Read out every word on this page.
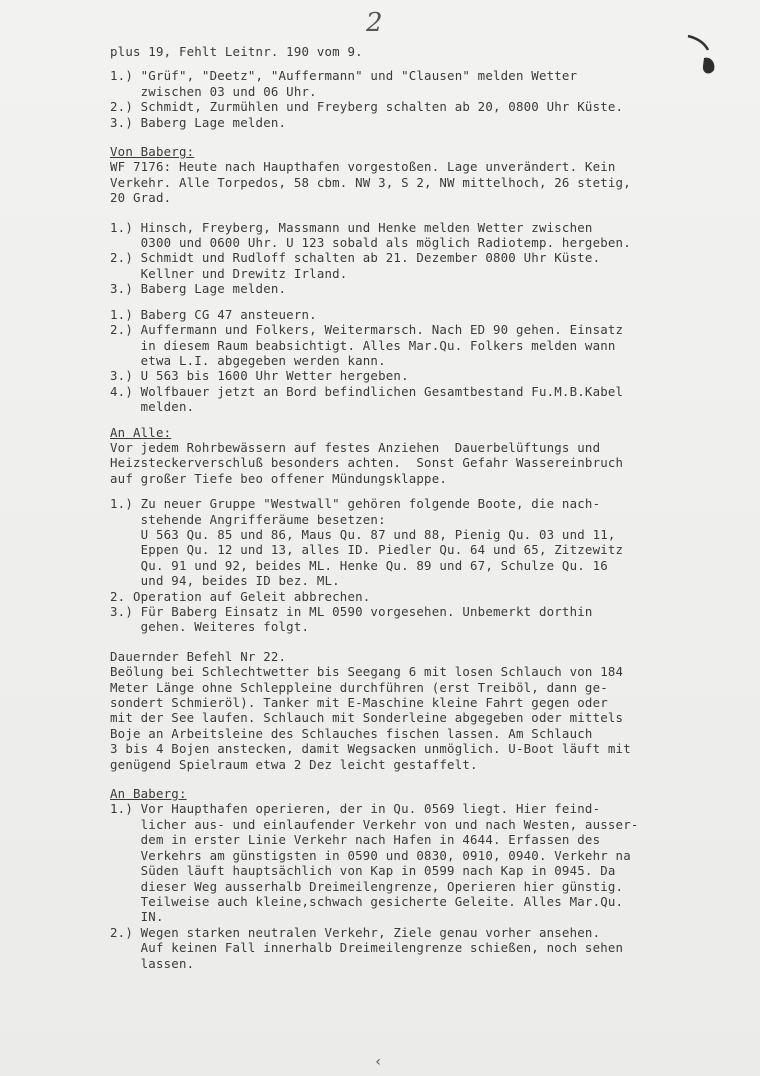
2
plus 19, Fehlt Leitnr. 190 vom 9.
1.) "Grüf", "Deetz", "Auffermann" und "Clausen" melden Wetter
zwischen 03 und 06 Uhr.
2.) Schmidt, Zurmühlen und Freyberg schalten ab 20, 0800 Uhr Küste.
3.) Baberg Lage melden.
Von Baberg:

WF 7176: Heute nach Haupthafen vorgestoßen. Lage unverändert. Kein
Verkehr. Alle Torpedos, 58 cbm. NW 3, S 2, NW mittelhoch, 26 stetig,
20 Grad.
1.) Hinsch, Freyberg, Massmann und Henke melden Wetter zwischen
0300 und 0600 Uhr. U 123 sobald als möglich Radiotemp. hergeben.
2.) Schmidt und Rudloff schalten ab 21. Dezember 0800 Uhr Küste.
Kellner und Drewitz Irland.
3.) Baberg Lage melden.
1.) Baberg CG 47 ansteuern.
2.) Auffermann und Folkers, Weitermarsch. Nach ED 90 gehen. Einsatz
in diesem Raum beabsichtigt. Alles Mar.Qu. Folkers melden wann
etwa L.I. abgegeben werden kann.
3.) U 563 bis 1600 Uhr Wetter hergeben.
4.) Wolfbauer jetzt an Bord befindlichen Gesamtbestand Fu.M.B.Kabel
melden.
An Alle:

Vor jedem Rohrbewässern auf festes Anziehen  Dauerbelüftungs und
Heizsteckerverschluß besonders achten.  Sonst Gefahr Wassereinbruch
auf großer Tiefe beo offener Mündungsklappe.
1.) Zu neuer Gruppe "Westwall" gehören folgende Boote, die nach-
stehende Angrifferäume besetzen:
U 563 Qu. 85 und 86, Maus Qu. 87 und 88, Pienig Qu. 03 und 11,
Eppen Qu. 12 und 13, alles ID. Piedler Qu. 64 und 65, Zitzewitz
Qu. 91 und 92, beides ML. Henke Qu. 89 und 67, Schulze Qu. 16
und 94, beides ID bez. ML.
2. Operation auf Geleit abbrechen.
3.) Für Baberg Einsatz in ML 0590 vorgesehen. Unbemerkt dorthin
gehen. Weiteres folgt.
Dauernder Befehl Nr 22.
Beölung bei Schlechtwetter bis Seegang 6 mit losen Schlauch von 184
Meter Länge ohne Schleppleine durchführen (erst Treiböl, dann ge-
sondert Schmieröl). Tanker mit E-Maschine kleine Fahrt gegen oder
mit der See laufen. Schlauch mit Sonderleine abgegeben oder mittels
Boje an Arbeitsleine des Schlauches fischen lassen. Am Schlauch
3 bis 4 Bojen anstecken, damit Wegsacken unmöglich. U-Boot läuft mit
genügend Spielraum etwa 2 Dez leicht gestaffelt.
An Baberg:

1.) Vor Haupthafen operieren, der in Qu. 0569 liegt. Hier feind-
licher aus- und einlaufender Verkehr von und nach Westen, ausser-
dem in erster Linie Verkehr nach Hafen in 4644. Erfassen des
Verkehrs am günstigsten in 0590 und 0830, 0910, 0940. Verkehr na
Süden läuft hauptsächlich von Kap in 0599 nach Kap in 0945. Da
dieser Weg ausserhalb Dreimeilengrenze, Operieren hier günstig.
Teilweise auch kleine,schwach gesicherte Geleite. Alles Mar.Qu.
IN.
2.) Wegen starken neutralen Verkehr, Ziele genau vorher ansehen.
Auf keinen Fall innerhalb Dreimeilengrenze schießen, noch sehen
lassen.
‹
